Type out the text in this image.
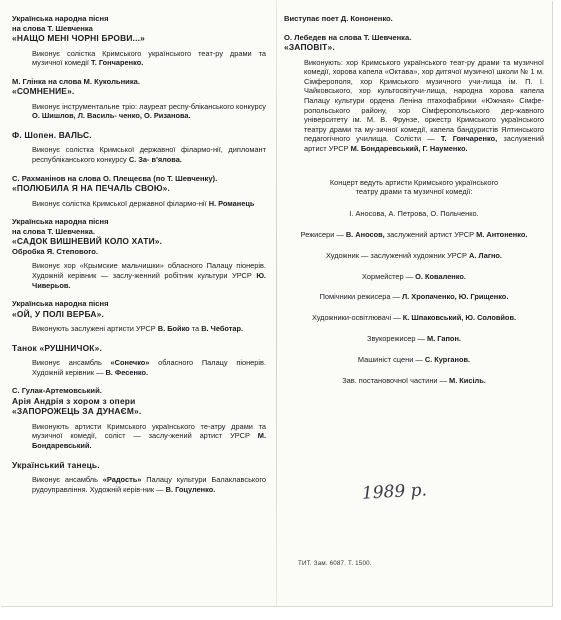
Українська народна пісня
на слова Т. Шевченка
«НАЩО МЕНІ ЧОРНІ БРОВИ...»
Виконує солістка Кримського українського теат-ру драми та музичної комедії Т. Гончаренко.
М. Глінка на слова М. Кукольника.
«СОМНЕНИЕ».
Виконує інструментальне тріо: лауреат респу-бліканського конкурсу О. Шишлов, Л. Василь- ченко, О. Ризанова.
Ф. Шопен. ВАЛЬС.
Виконує солістка Кримської державної філармо-нії, дипломант республіканського конкурсу С. За- в'ялова.
С. Рахманінов на слова О. Плещеєва (по Т. Шевченку).
«ПОЛЮБИЛА Я НА ПЕЧАЛЬ СВОЮ».
Виконує солістка Кримської державної філармо-нії Н. Романець
Українська народна пісня
на слова Т. Шевченка.
«САДОК ВИШНЕВИЙ КОЛО ХАТИ».
Обробка Я. Степового.
Виконує хор «Крымские мальчишки» обласного Палацу піонерів. Художній керівник — заслу-женний робітник культури УРСР Ю. Чиверьов.
Українська народна пісня
«ОЙ, У ПОЛІ ВЕРБА».
Виконують заслужені артисти УРСР В. Бойко та В. Чеботар.
Танок «РУШНИЧОК».
Виконує ансамбль «Сонечко» обласного Палацу піонерів. Художній керівник — В. Фесенко.
С. Гулак-Артемовський.
Арія Андрія з хором з опери
«ЗАПОРОЖЕЦЬ ЗА ДУНАЄМ».
Виконують артисти Кримського українського те-атру драми та музичної комедії, соліст — заслу-жений артист УРСР М. Бондаревський.
Український танець.
Виконує ансамбль «Радость» Палацу культури Балаклавського рудоуправління. Художній керів-ник — В. Гоцуленко.
Виступає поет Д. Кононенко.
О. Лебедев на слова Т. Шевченка.
«ЗАПОВІТ».
Виконують: хор Кримського українського теат-ру драми та музичної комедії, хорова капела «Октава», хор дитячої музичної школи № 1 м. Сімферополя, хор Кримського музичного учи-лища ім. П. І. Чайковського, хор культосвітучи-лища, народна хорова капела Палацу культури ордена Леніна птахофабрики «Южная» Сімфе-ропольського району, хор Сімферопольського дер-жавного університету ім. М. В. Фрунзе, оркестр Кримського українського театру драми та му-зичної комедії, капела бандуристів Ялтинського педагогічного училища. Солісти — Т. Гончаренко, заслужений артист УРСР М. Бондаревський, Г. Науменко.
Концерт ведуть артисти Кримського українського
театру драми та музичної комедії:
І. Аносова, А. Петрова, О. Польченко.
Режисери — В. Аносов, заслужений артист УРСР М. Антоненко.
Художник — заслужений художник УРСР А. Лагно.
Хормейстер — О. Коваленко.
Помічники режисера — Л. Хропаченко, Ю. Грищенко.
Художники-освітлювачі — К. Шпаковський, Ю. Соловйов.
Звукорежисер — М. Гапон.
Машиніст сцени — С. Курганов.
Зав. постановочної частини — М. Кисіль.
1989 р.
ТИТ. Зам. 6087. Т. 1500.
